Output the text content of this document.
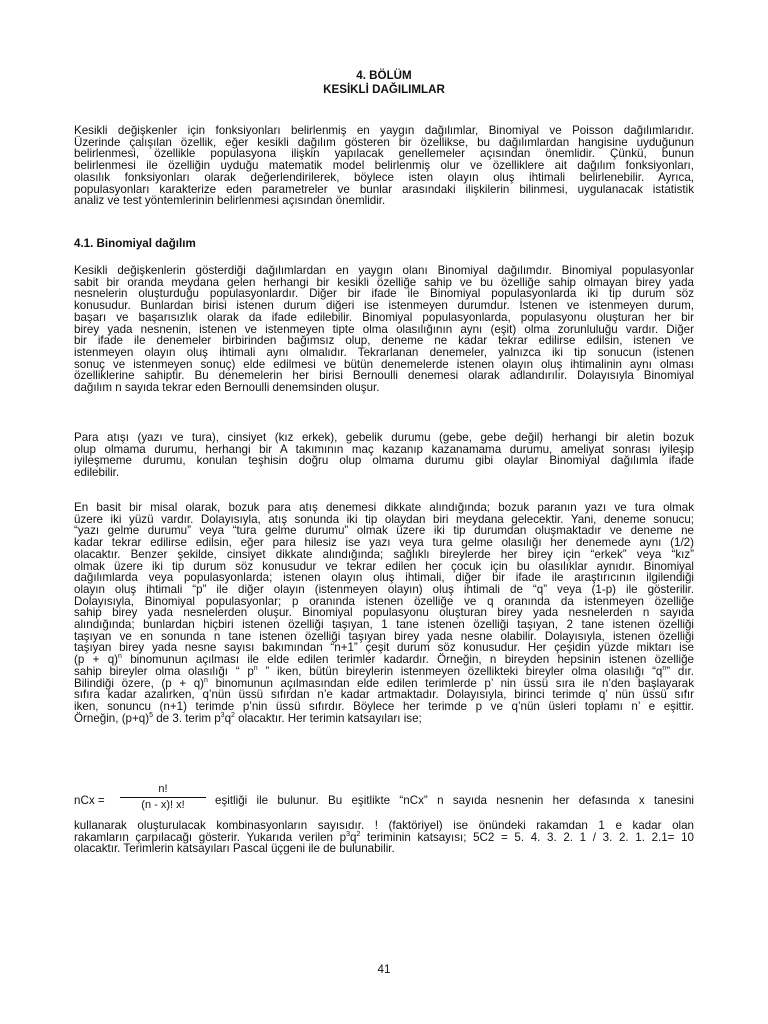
4. BÖLÜM
KESİKLİ DAĞILIMLAR
Kesikli değişkenler için fonksiyonları belirlenmiş en yaygın dağılımlar, Binomiyal ve Poisson dağılımlarıdır.
Üzerinde çalışılan özellik, eğer kesikli dağılım gösteren bir özellikse, bu dağılımlardan hangisine uyduğunun
belirlenmesi, özellikle populasyona ilişkin yapılacak genellemeler açısından önemlidir. Çünkü, bunun
belirlenmesi ile özelliğin uyduğu matematik model belirlenmiş olur ve özelliklere ait dağılım fonksiyonları,
olasılık fonksiyonları olarak değerlendirilerek, böylece isten olayın oluş ihtimali belirlenebilir. Ayrıca,
populasyonları karakterize eden parametreler ve bunlar arasındaki ilişkilerin bilinmesi, uygulanacak istatistik
analiz ve test yöntemlerinin belirlenmesi açısından önemlidir.
4.1. Binomiyal dağılım
Kesikli değişkenlerin gösterdiği dağılımlardan en yaygın olanı Binomiyal dağılımdır. Binomiyal populasyonlar
sabit bir oranda meydana gelen herhangi bir kesikli özelliğe sahip ve bu özelliğe sahip olmayan birey yada
nesnelerin oluşturduğu populasyonlardır. Diğer bir ifade ile Binomiyal populasyonlarda iki tip durum söz
konusudur. Bunlardan birisi istenen durum diğeri ise istenmeyen durumdur. İstenen ve istenmeyen durum,
başarı ve başarısızlık olarak da ifade edilebilir. Binomiyal populasyonlarda, populasyonu oluşturan her bir
birey yada nesnenin, istenen ve istenmeyen tipte olma olasılığının aynı (eşit) olma zorunluluğu vardır. Diğer
bir ifade ile denemeler birbirinden bağımsız olup, deneme ne kadar tekrar edilirse edilsin, istenen ve
istenmeyen olayın oluş ihtimali aynı olmalıdır. Tekrarlanan denemeler, yalnızca iki tip sonucun (istenen
sonuç ve istenmeyen sonuç) elde edilmesi ve bütün denemelerde istenen olayın oluş ihtimalinin aynı olması
özelliklerine sahiptir. Bu denemelerin her birisi Bernoulli denemesi olarak adlandırılır. Dolayısıyla Binomiyal
dağılım n sayıda tekrar eden Bernoulli denemsinden oluşur.
Para atışı (yazı ve tura), cinsiyet (kız erkek), gebelik durumu (gebe, gebe değil) herhangi bir aletin bozuk
olup olmama durumu, herhangi bir A takımının maç kazanıp kazanamama durumu, ameliyat sonrası iyileşip
iyileşmeme durumu, konulan teşhisin doğru olup olmama durumu gibi olaylar Binomiyal dağılımla ifade
edilebilir.
En basit bir misal olarak, bozuk para atış denemesi dikkate alındığında; bozuk paranın yazı ve tura olmak
üzere iki yüzü vardır. Dolayısıyla, atış sonunda iki tip olaydan biri meydana gelecektir. Yani, deneme sonucu;
“yazı gelme durumu” veya “tura gelme durumu” olmak üzere iki tip durumdan oluşmaktadır ve deneme ne
kadar tekrar edilirse edilsin, eğer para hilesiz ise yazı veya tura gelme olasılığı her denemede aynı (1/2)
olacaktır. Benzer şekilde, cinsiyet dikkate alındığında; sağlıklı bireylerde her birey için “erkek” veya “kız”
olmak üzere iki tip durum söz konusudur ve tekrar edilen her çocuk için bu olasılıklar aynıdır. Binomiyal
dağılımlarda veya populasyonlarda; istenen olayın oluş ihtimali, diğer bir ifade ile araştırıcının ilgilendiği
olayın oluş ihtimali “p” ile diğer olayın (istenmeyen olayın) oluş ihtimali de “q” veya (1-p) ile gösterilir.
Dolayısıyla, Binomiyal populasyonlar; p oranında istenen özelliğe ve q oranında da istenmeyen özelliğe
sahip birey yada nesnelerden oluşur. Binomiyal populasyonu oluşturan birey yada nesnelerden n sayıda
alındığında; bunlardan hiçbiri istenen özelliği taşıyan, 1 tane istenen özelliği taşıyan, 2 tane istenen özelliği
taşıyan ve en sonunda n tane istenen özelliği taşıyan birey yada nesne olabilir. Dolayısıyla, istenen özelliği
taşıyan birey yada nesne sayısı bakımından “n+1” çeşit durum söz konusudur. Her çeşidin yüzde miktarı ise
$(p + q)^n$ binomunun açılması ile elde edilen terimler kadardır. Örneğin, n bireyden hepsinin istenen özelliğe
sahip bireyler olma olasılığı “ $p^n$ ” iken, bütün bireylerin istenmeyen özellikteki bireyler olma olasılığı “$q^n$” dır.
Bilindiği özere, $(p + q)^n$ binomunun açılmasından elde edilen terimlerde p’ nin üssü sıra ile n’den başlayarak
sıfıra kadar azalırken, q’nün üssü sıfırdan n’e kadar artmaktadır. Dolayısıyla, birinci terimde q’ nün üssü sıfır
iken, sonuncu (n+1) terimde p’nin üssü sıfırdır. Böylece her terimde p ve q’nün üsleri toplamı n’ e eşittir.
Örneğin, $(p+q)^5$ de 3. terim $p^3q^2$ olacaktır. Her terimin katsayıları ise;
nCx =
n!
(n - x)! x!	eşitliği ile bulunur. Bu eşitlikte “nCx” n sayıda nesnenin her defasında x tanesini
kullanarak oluşturulacak kombinasyonların sayısıdır. ! (faktöriyel) ise önündeki rakamdan 1 e kadar olan
rakamların çarpılacağı gösterir. Yukarıda verilen $p^3q^2$ teriminin katsayısı; 5C2 = 5. 4. 3. 2. 1 / 3. 2. 1. 2.1= 10
olacaktır. Terimlerin katsayıları Pascal üçgeni ile de bulunabilir.
41
